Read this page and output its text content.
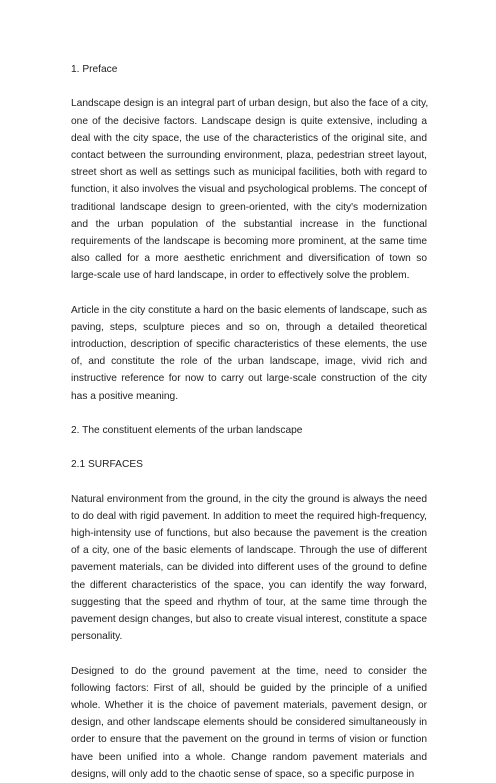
1. Preface
Landscape design is an integral part of urban design, but also the face of a city,
one of the decisive factors. Landscape design is quite extensive, including a
deal with the city space, the use of the characteristics of the original site, and
contact between the surrounding environment, plaza, pedestrian street layout,
street short as well as settings such as municipal facilities, both with regard to
function, it also involves the visual and psychological problems. The concept of
traditional landscape design to green-oriented, with the city's modernization
and the urban population of the substantial increase in the functional
requirements of the landscape is becoming more prominent, at the same time
also called for a more aesthetic enrichment and diversification of town so
large-scale use of hard landscape, in order to effectively solve the problem.
Article in the city constitute a hard on the basic elements of landscape, such as
paving, steps, sculpture pieces and so on, through a detailed theoretical
introduction, description of specific characteristics of these elements, the use
of, and constitute the role of the urban landscape, image, vivid rich and
instructive reference for now to carry out large-scale construction of the city
has a positive meaning.
2. The constituent elements of the urban landscape
2.1 SURFACES
Natural environment from the ground, in the city the ground is always the need
to do deal with rigid pavement. In addition to meet the required high-frequency,
high-intensity use of functions, but also because the pavement is the creation
of a city, one of the basic elements of landscape. Through the use of different
pavement materials, can be divided into different uses of the ground to define
the different characteristics of the space, you can identify the way forward,
suggesting that the speed and rhythm of tour, at the same time through the
pavement design changes, but also to create visual interest, constitute a space
personality.
Designed to do the ground pavement at the time, need to consider the
following factors: First of all, should be guided by the principle of a unified
whole. Whether it is the choice of pavement materials, pavement design, or
design, and other landscape elements should be considered simultaneously in
order to ensure that the pavement on the ground in terms of vision or function
have been unified into a whole. Change random pavement materials and
designs, will only add to the chaotic sense of space, so a specific purpose in
